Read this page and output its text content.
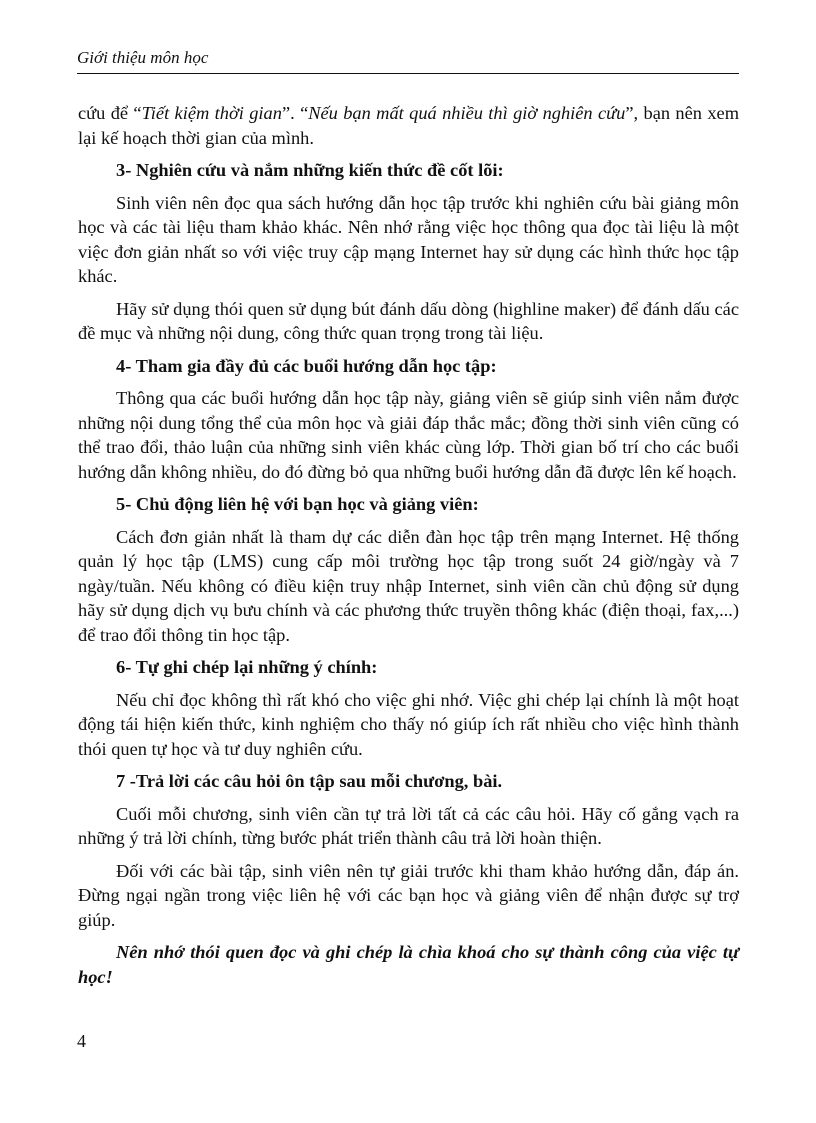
Giới thiệu môn học

cứu để “Tiết kiệm thời gian”. “Nếu bạn mất quá nhiều thì giờ nghiên cứu”, bạn nên xem lại kế hoạch thời gian của mình.

3- Nghiên cứu và nắm những kiến thức đề cốt lõi:

Sinh viên nên đọc qua sách hướng dẫn học tập trước khi nghiên cứu bài giảng môn học và các tài liệu tham khảo khác. Nên nhớ rằng việc học thông qua đọc tài liệu là một việc đơn giản nhất so với việc truy cập mạng Internet hay sử dụng các hình thức học tập khác.

Hãy sử dụng thói quen sử dụng bút đánh dấu dòng (highline maker) để đánh dấu các đề mục và những nội dung, công thức quan trọng trong tài liệu.

4- Tham gia đầy đủ các buổi hướng dẫn học tập:

Thông qua các buổi hướng dẫn học tập này, giảng viên sẽ giúp sinh viên nắm được những nội dung tổng thể của môn học và giải đáp thắc mắc; đồng thời sinh viên cũng có thể trao đổi, thảo luận của những sinh viên khác cùng lớp. Thời gian bố trí cho các buổi hướng dẫn không nhiều, do đó đừng bỏ qua những buổi hướng dẫn đã được lên kế hoạch.

5- Chủ động liên hệ với bạn học và giảng viên:

Cách đơn giản nhất là tham dự các diễn đàn học tập trên mạng Internet. Hệ thống quản lý học tập (LMS) cung cấp môi trường học tập trong suốt 24 giờ/ngày và 7 ngày/tuần. Nếu không có điều kiện truy nhập Internet, sinh viên cần chủ động sử dụng hãy sử dụng dịch vụ bưu chính và các phương thức truyền thông khác (điện thoại, fax,...) để trao đổi thông tin học tập.

6- Tự ghi chép lại những ý chính:

Nếu chỉ đọc không thì rất khó cho việc ghi nhớ. Việc ghi chép lại chính là một hoạt động tái hiện kiến thức, kinh nghiệm cho thấy nó giúp ích rất nhiều cho việc hình thành thói quen tự học và tư duy nghiên cứu.

7 -Trả lời các câu hỏi ôn tập sau mỗi chương, bài.

Cuối mỗi chương, sinh viên cần tự trả lời tất cả các câu hỏi. Hãy cố gắng vạch ra những ý trả lời chính, từng bước phát triển thành câu trả lời hoàn thiện.

Đối với các bài tập, sinh viên nên tự giải trước khi tham khảo hướng dẫn, đáp án. Đừng ngại ngần trong việc liên hệ với các bạn học và giảng viên để nhận được sự trợ giúp.

Nên nhớ thói quen đọc và ghi chép là chìa khoá cho sự thành công của việc tự học!

4
